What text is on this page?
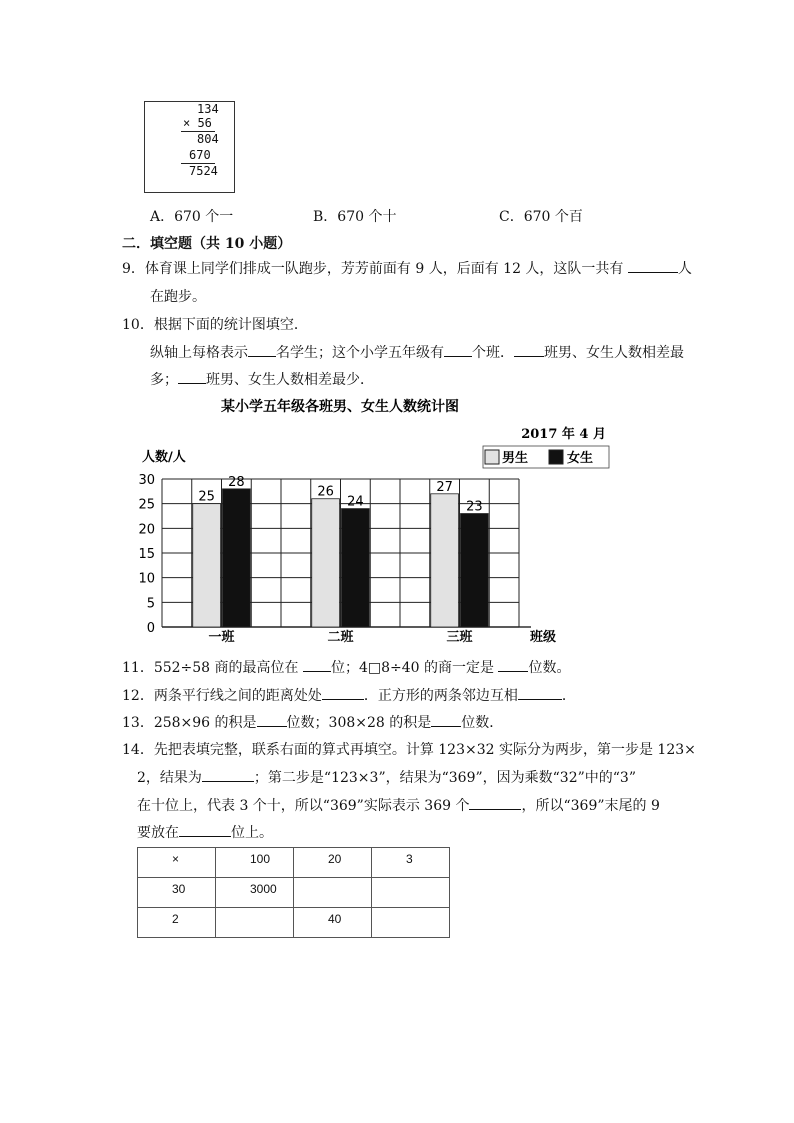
134
× 56
804
670
7524
A．670 个一	B．670 个十	C．670 个百
二．填空题（共 10 小题）
9．体育课上同学们排成一队跑步，芳芳前面有 9 人，后面有 12 人，这队一共有	人
在跑步。
10．根据下面的统计图填空．
纵轴上每格表示 名学生；这个小学五年级有 个班． 班男、女生人数相差最
多； 班男、女生人数相差最少．
某小学五年级各班男、女生人数统计图
2017 年 4 月
人数/人	男生	女生
25
28
26
24
27
23
0
5
10
15
20
25
30
一班	二班	三班	班级
11．552÷58 商的最高位在 位；4□8÷40 的商一定是 位数。
12．两条平行线之间的距离处处	．正方形的两条邻边互相	．
13．258×96 的积是 位数；308×28 的积是 位数．
14．先把表填完整，联系右面的算式再填空。计算 123×32 实际分为两步，第一步是 123×
2，结果为	；第二步是“123×3”，结果为“369”，因为乘数“32”中的“3”
在十位上，代表 3 个十，所以“369”实际表示 369 个	，所以“369”末尾的 9
要放在	位上。
×	100	20	3

30	3000		

2		40	
